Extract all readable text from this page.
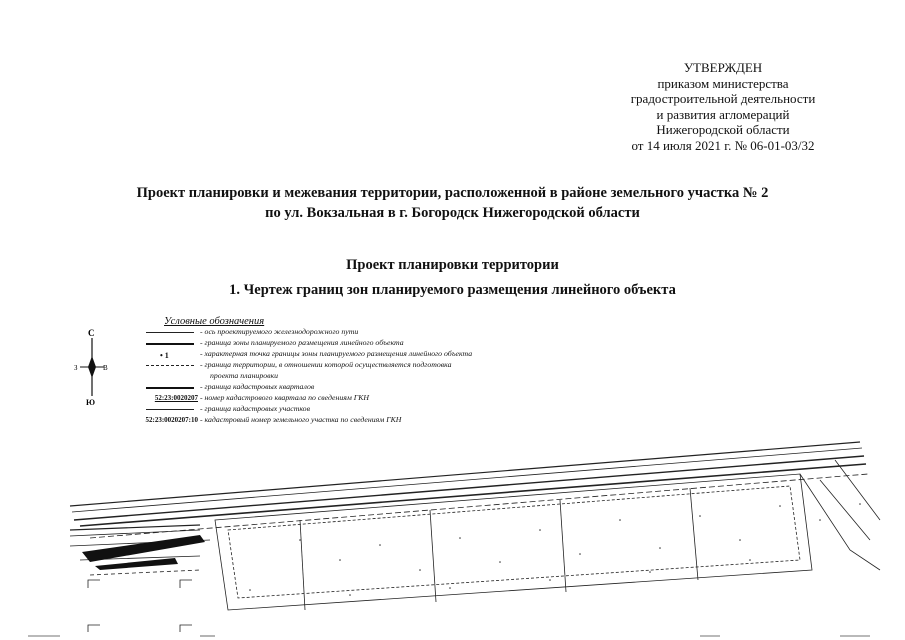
УТВЕРЖДЕН
приказом министерства
градостроительной деятельности
и развития агломераций
Нижегородской области
от 14 июля 2021 г. № 06-01-03/32
Проект планировки и межевания территории, расположенной в районе земельного участка № 2
по ул. Вокзальная в г. Богородск Нижегородской области
Проект планировки территории
1. Чертеж границ зон планируемого размещения линейного объекта
С
З	В
Ю
Условные обозначения
- ось проектируемого железнодорожного пути
- граница зоны планируемого размещения линейного объекта
• 1	- характерная точка границы зоны планируемого размещения линейного объекта
- граница территории, в отношении которой осуществляется подготовка
проекта планировки
- граница кадастровых кварталов
52:23:0020207 - номер кадастрового квартала по сведениям ГКН
- граница кадастровых участков
52:23:0020207:10 - кадастровый номер земельного участка по сведениям ГКН
